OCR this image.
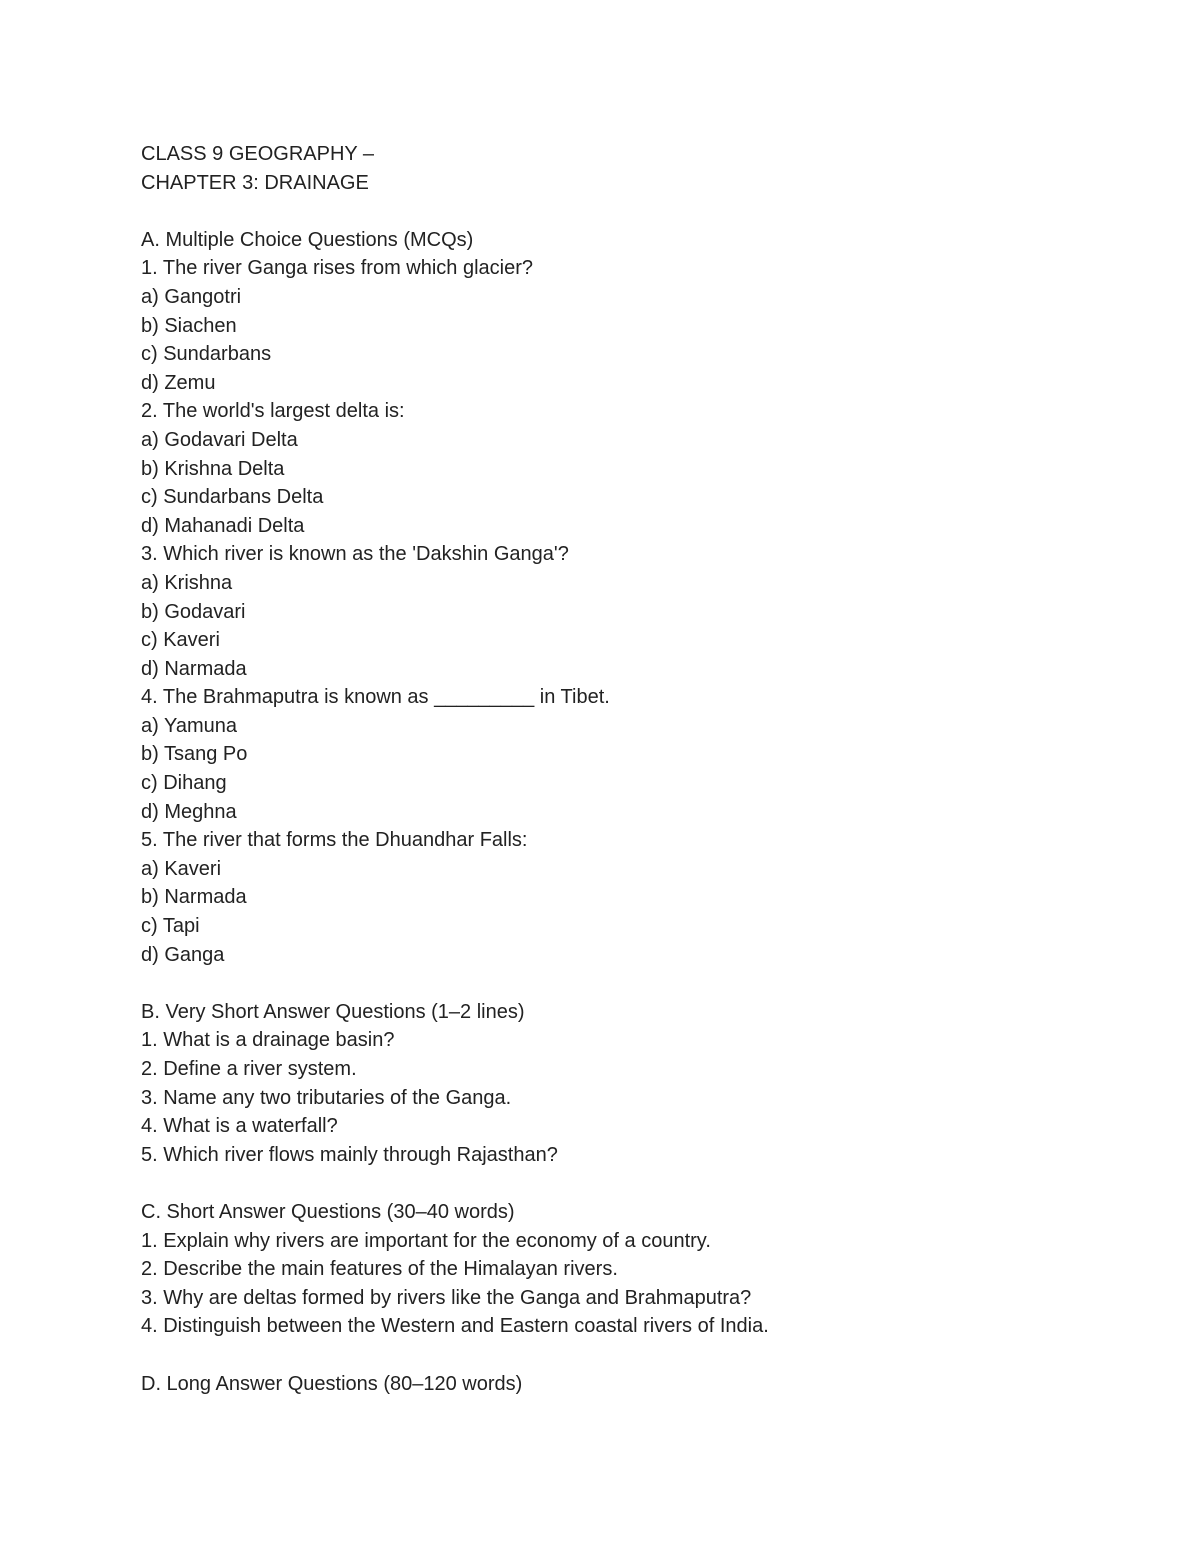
CLASS 9 GEOGRAPHY –

CHAPTER 3: DRAINAGE

A. Multiple Choice Questions (MCQs)

1. The river Ganga rises from which glacier?

a) Gangotri

b) Siachen

c) Sundarbans

d) Zemu

2. The world's largest delta is:

a) Godavari Delta

b) Krishna Delta

c) Sundarbans Delta

d) Mahanadi Delta

3. Which river is known as the 'Dakshin Ganga'?

a) Krishna

b) Godavari

c) Kaveri

d) Narmada

4. The Brahmaputra is known as _________ in Tibet.

a) Yamuna

b) Tsang Po

c) Dihang

d) Meghna

5. The river that forms the Dhuandhar Falls:

a) Kaveri

b) Narmada

c) Tapi

d) Ganga

B. Very Short Answer Questions (1–2 lines)

1. What is a drainage basin?

2. Define a river system.

3. Name any two tributaries of the Ganga.

4. What is a waterfall?

5. Which river flows mainly through Rajasthan?

C. Short Answer Questions (30–40 words)

1. Explain why rivers are important for the economy of a country.

2. Describe the main features of the Himalayan rivers.

3. Why are deltas formed by rivers like the Ganga and Brahmaputra?

4. Distinguish between the Western and Eastern coastal rivers of India.

D. Long Answer Questions (80–120 words)
